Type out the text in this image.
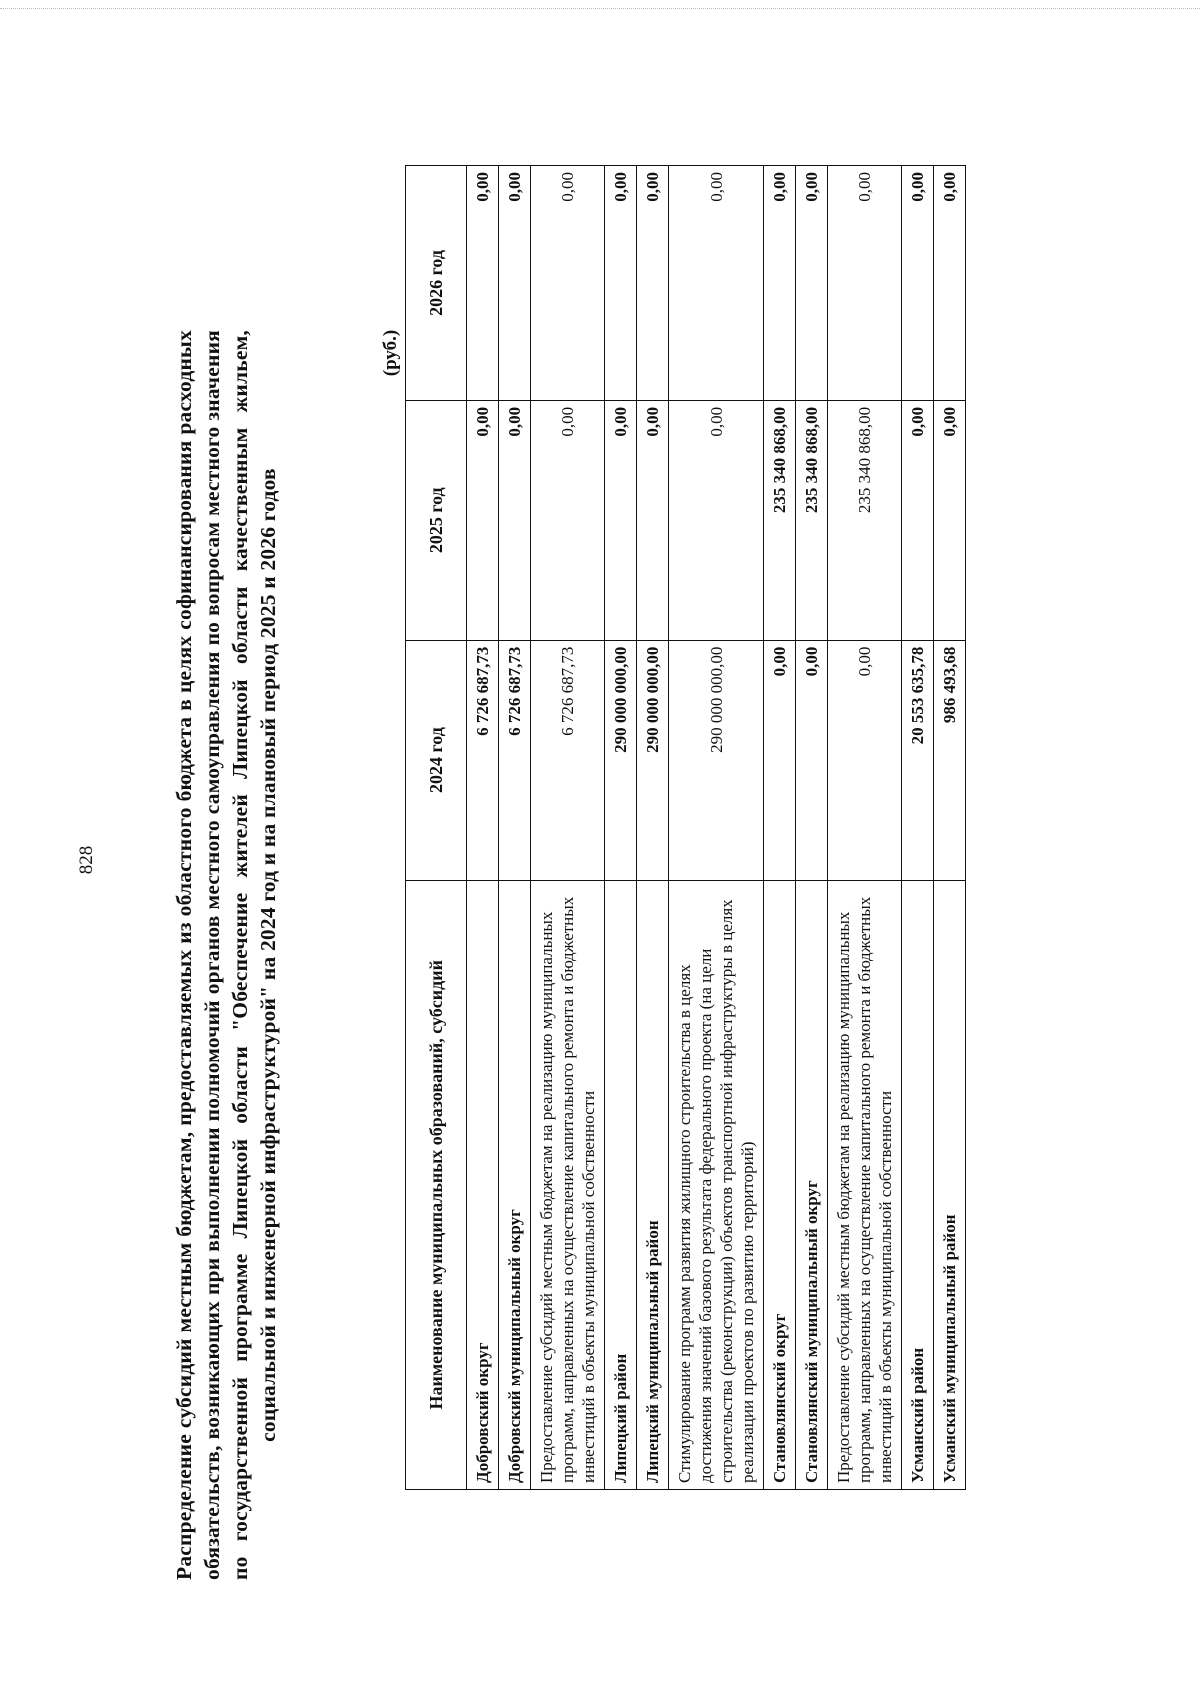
828	Распределение субсидий местным бюджетам, предоставляемых из областного бюджета в целях софинансирования расходных обязательств, возникающих при выполнении полномочий органов местного самоуправления по вопросам местного значения по государственной программе Липецкой области "Обеспечение жителей Липецкой области качественным жильем, социальной и инженерной инфраструктурой" на 2024 год и на плановый период 2025 и 2026 годов
(руб.)
Наименование муниципальных образований, субсидий	2024 год	2025 год	2026 год
Добровский округ	6 726 687,73	0,00	0,00
Добровский муниципальный округ	6 726 687,73	0,00	0,00
Предоставление субсидий местным бюджетам на реализацию муниципальных программ, направленных на осуществление капитального ремонта и бюджетных инвестиций в объекты муниципальной собственности	6 726 687,73	0,00	0,00
Липецкий район	290 000 000,00	0,00	0,00
Липецкий муниципальный район	290 000 000,00	0,00	0,00
Стимулирование программ развития жилищного строительства в целях достижения значений базового результата федерального проекта (на цели строительства (реконструкции) объектов транспортной инфраструктуры в целях реализации проектов по развитию территорий)	290 000 000,00	0,00	0,00
Становлянский округ	0,00	235 340 868,00	0,00
Становлянский муниципальный округ	0,00	235 340 868,00	0,00
Предоставление субсидий местным бюджетам на реализацию муниципальных программ, направленных на осуществление капитального ремонта и бюджетных инвестиций в объекты муниципальной собственности	0,00	235 340 868,00	0,00
Усманский район	20 553 635,78	0,00	0,00
Усманский муниципальный район	986 493,68	0,00	0,00
